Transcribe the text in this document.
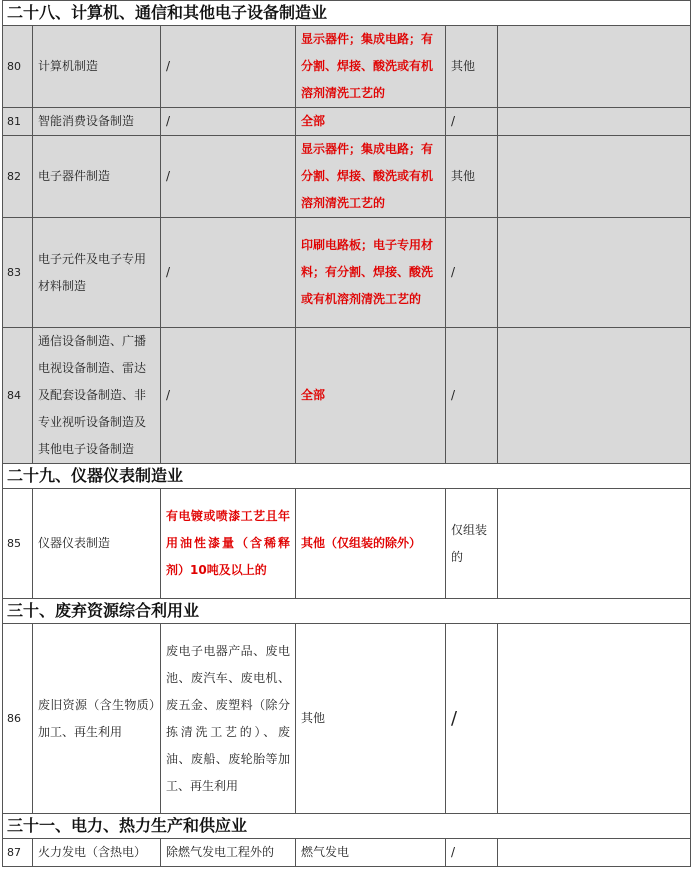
二十八、计算机、通信和其他电子设备制造业					
80	计算机制造	/	显示器件；集成电路；有分割、焊接、酸洗或有机溶剂清洗工艺的	其他	
81	智能消费设备制造	/	全部	/	
82	电子器件制造	/	显示器件；集成电路；有分割、焊接、酸洗或有机溶剂清洗工艺的	其他	
83	电子元件及电子专用材料制造	/	印刷电路板；电子专用材料；有分割、焊接、酸洗或有机溶剂清洗工艺的	/	
84	通信设备制造、广播电视设备制造、雷达及配套设备制造、非专业视听设备制造及其他电子设备制造	/	全部	/	
二十九、仪器仪表制造业					
85	仪器仪表制造	有电镀或喷漆工艺且年用油性漆量（含稀释剂）10吨及以上的	其他（仅组装的除外）	仅组装的	
三十、废弃资源综合利用业					
86	废旧资源（含生物质）加工、再生利用	废电子电器产品、废电池、废汽车、废电机、废五金、废塑料（除分拣清洗工艺的）、废油、废船、废轮胎等加工、再生利用	其他	/	
三十一、电力、热力生产和供应业					
87	火力发电（含热电）	除燃气发电工程外的	燃气发电	/	
